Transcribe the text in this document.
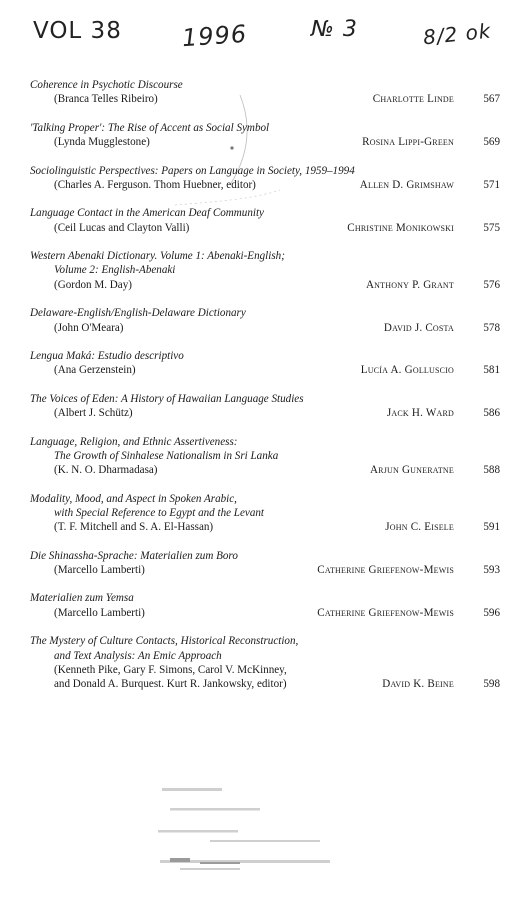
VOL 38 1996	№ 3	8/2 ok
Coherence in Psychotic Discourse
(Branca Telles Ribeiro)	Charlotte Linde	567
'Talking Proper': The Rise of Accent as Social Symbol
(Lynda Mugglestone)	Rosina Lippi-Green	569
Sociolinguistic Perspectives: Papers on Language in Society, 1959–1994
(Charles A. Ferguson. Thom Huebner, editor)	Allen D. Grimshaw	571
Language Contact in the American Deaf Community
(Ceil Lucas and Clayton Valli)	Christine Monikowski	575
Western Abenaki Dictionary. Volume 1: Abenaki-English;
Volume 2: English-Abenaki
(Gordon M. Day)	Anthony P. Grant	576
Delaware-English/English-Delaware Dictionary
(John O'Meara)	David J. Costa	578
Lengua Maká: Estudio descriptivo
(Ana Gerzenstein)	Lucía A. Golluscio	581
The Voices of Eden: A History of Hawaiian Language Studies
(Albert J. Schütz)	Jack H. Ward	586
Language, Religion, and Ethnic Assertiveness:
The Growth of Sinhalese Nationalism in Sri Lanka
(K. N. O. Dharmadasa)	Arjun Guneratne	588
Modality, Mood, and Aspect in Spoken Arabic,
with Special Reference to Egypt and the Levant
(T. F. Mitchell and S. A. El-Hassan)	John C. Eisele	591
Die Shinassha-Sprache: Materialien zum Boro
(Marcello Lamberti)	Catherine Griefenow-Mewis	593
Materialien zum Yemsa
(Marcello Lamberti)	Catherine Griefenow-Mewis	596
The Mystery of Culture Contacts, Historical Reconstruction,
and Text Analysis: An Emic Approach
(Kenneth Pike, Gary F. Simons, Carol V. McKinney,
and Donald A. Burquest. Kurt R. Jankowsky, editor)	David K. Beine	598
